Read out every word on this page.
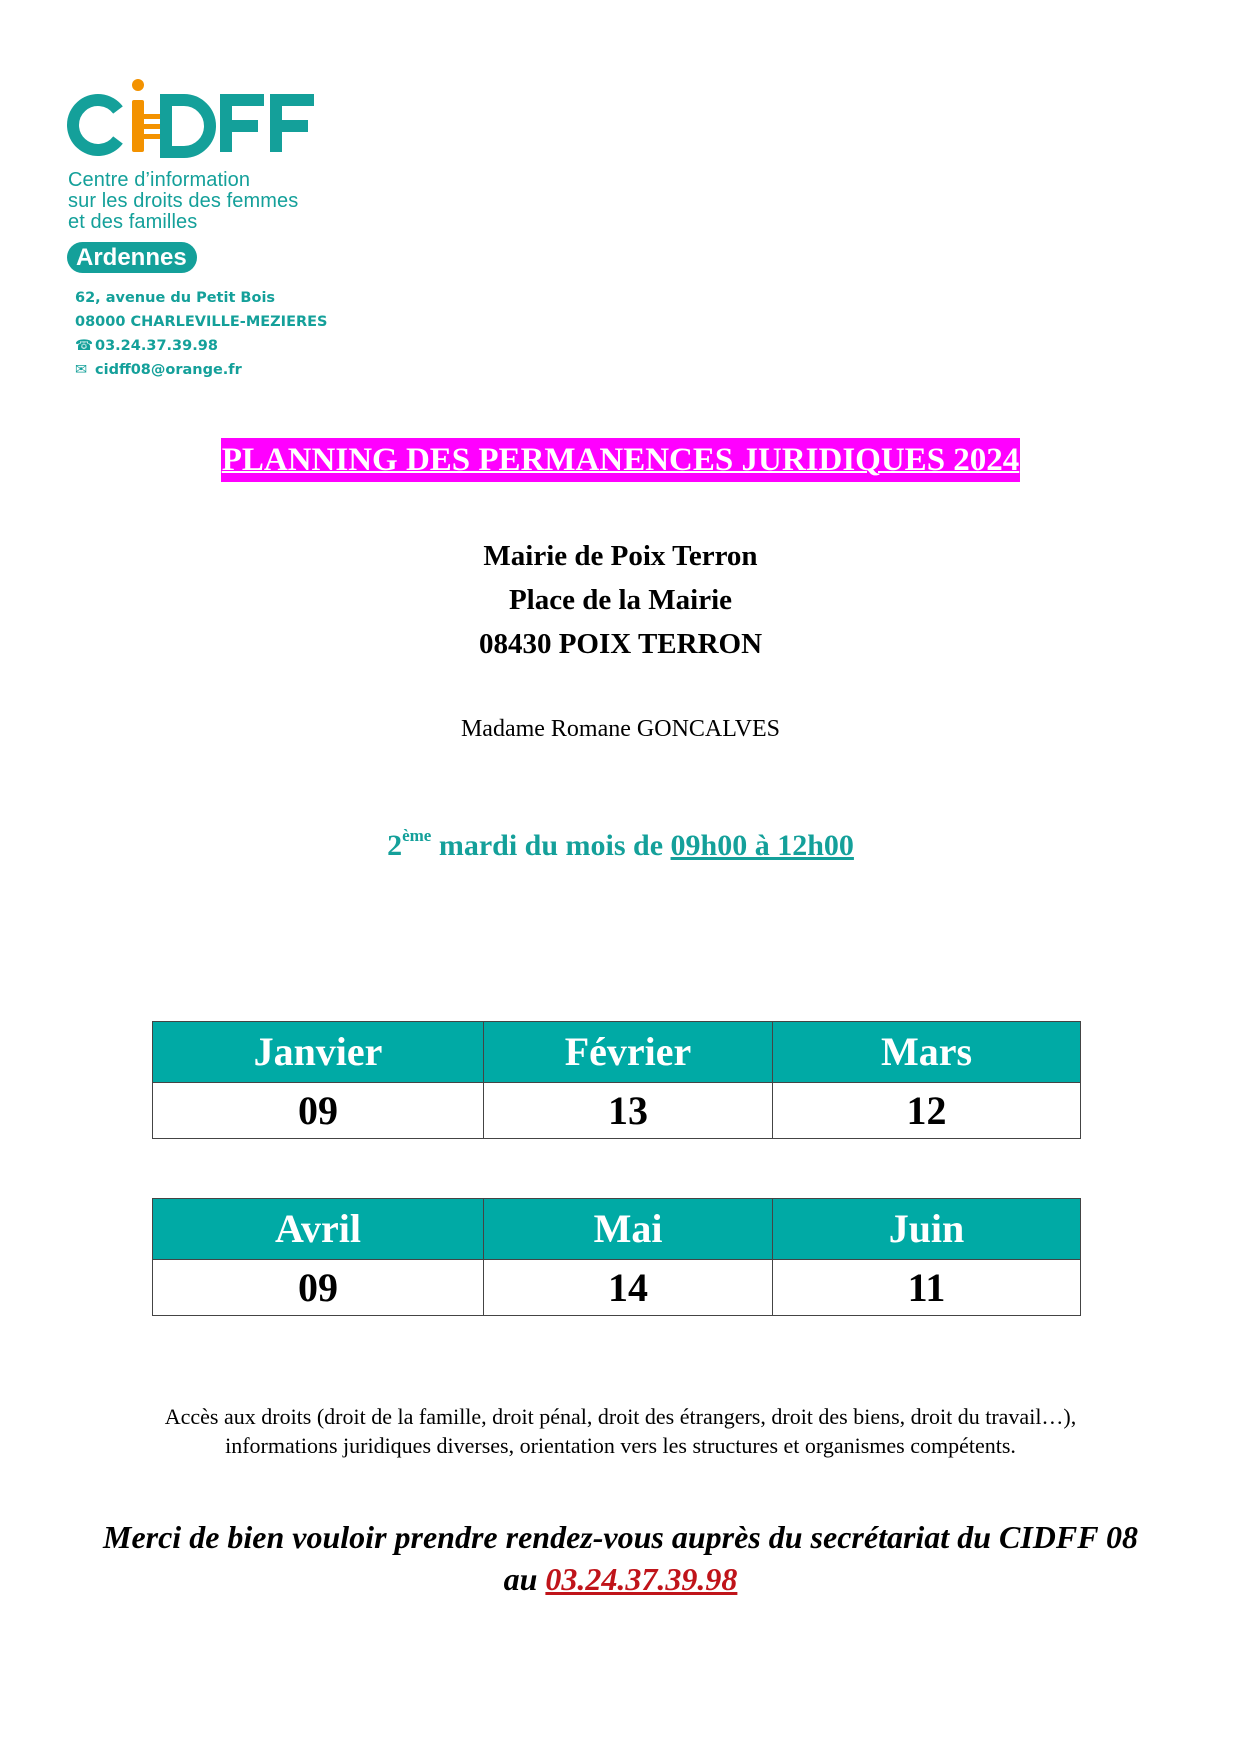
Centre d’information
sur les droits des femmes
et des familles
Ardennes
62, avenue du Petit Bois
08000 CHARLEVILLE-MEZIERES
☎ 03.24.37.39.98
✉ cidff08@orange.fr
PLANNING DES PERMANENCES JURIDIQUES 2024
Mairie de Poix Terron
Place de la Mairie
08430 POIX TERRON
Madame Romane GONCALVES
2ème mardi du mois de 09h00 à 12h00
Janvier	Février	Mars
09	13	12
Avril	Mai	Juin
09	14	11
Accès aux droits (droit de la famille, droit pénal, droit des étrangers, droit des biens, droit du travail…),
informations juridiques diverses, orientation vers les structures et organismes compétents.
Merci de bien vouloir prendre rendez-vous auprès du secrétariat du CIDFF 08
au 03.24.37.39.98
